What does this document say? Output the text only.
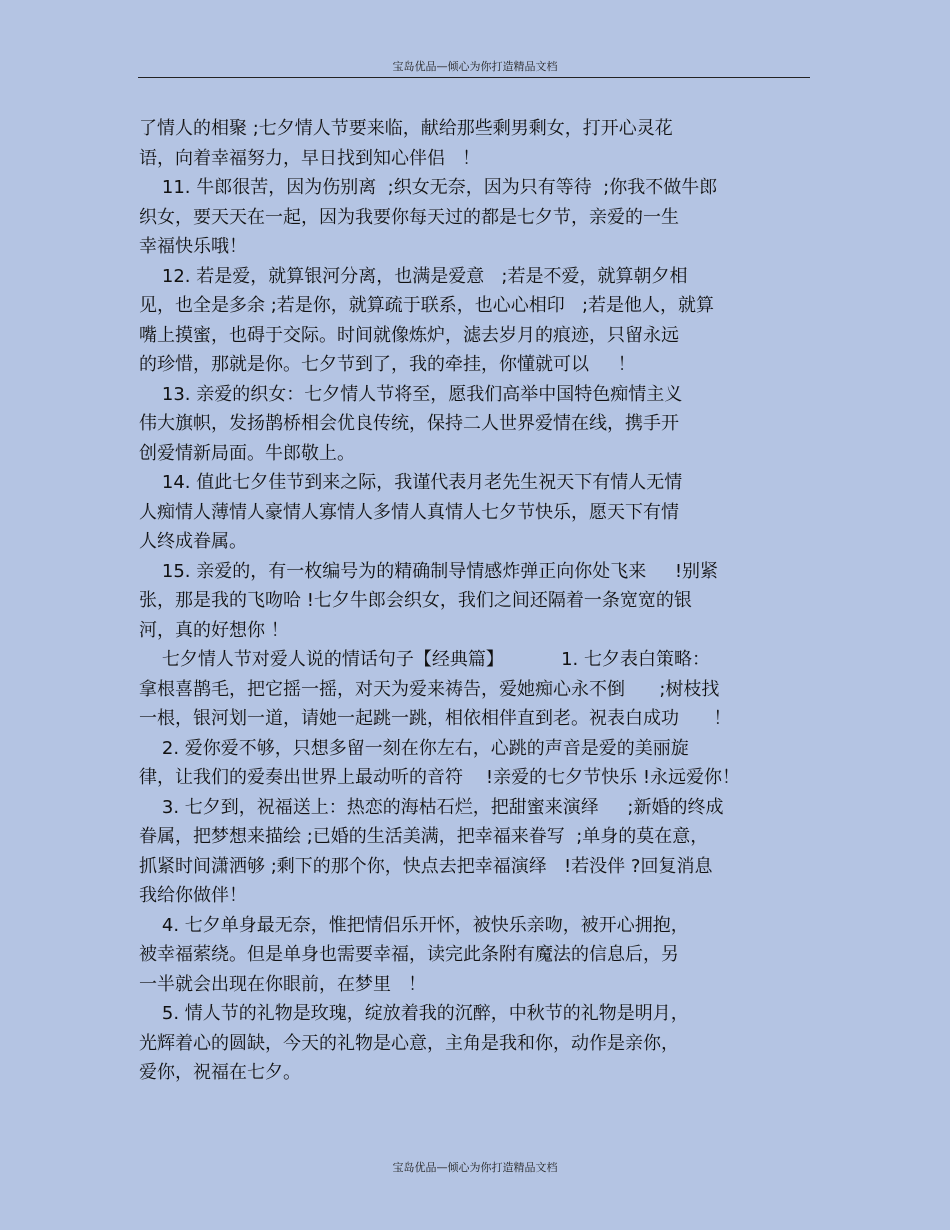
宝岛优品—倾心为你打造精品文档
了情人的相聚 ;七夕情人节要来临，献给那些剩男剩女，打开心灵花
语，向着幸福努力，早日找到知心伴侣   ！
11. 牛郎很苦，因为伤别离  ;织女无奈，因为只有等待  ;你我不做牛郎
织女，要天天在一起，因为我要你每天过的都是七夕节，亲爱的一生
幸福快乐哦！
12. 若是爱，就算银河分离，也满是爱意   ;若是不爱，就算朝夕相
见，也全是多余 ;若是你，就算疏于联系，也心心相印   ;若是他人，就算
嘴上摸蜜，也碍于交际。时间就像炼炉，滤去岁月的痕迹，只留永远
的珍惜，那就是你。七夕节到了，我的牵挂，你懂就可以     ！
13. 亲爱的织女：七夕情人节将至，愿我们高举中国特色痴情主义
伟大旗帜，发扬鹊桥相会优良传统，保持二人世界爱情在线，携手开
创爱情新局面。牛郎敬上。
14. 值此七夕佳节到来之际，我谨代表月老先生祝天下有情人无情
人痴情人薄情人豪情人寡情人多情人真情人七夕节快乐，愿天下有情
人终成眷属。
15. 亲爱的，有一枚编号为的精确制导情感炸弹正向你处飞来     !别紧
张，那是我的飞吻哈 !七夕牛郎会织女，我们之间还隔着一条宽宽的银
河，真的好想你 ！
七夕情人节对爱人说的情话句子【经典篇】          1. 七夕表白策略：
拿根喜鹊毛，把它摇一摇，对天为爱来祷告，爱她痴心永不倒      ;树枝找
一根，银河划一道，请她一起跳一跳，相依相伴直到老。祝表白成功      ！
2. 爱你爱不够，只想多留一刻在你左右，心跳的声音是爱的美丽旋
律，让我们的爱奏出世界上最动听的音符    !亲爱的七夕节快乐 !永远爱你！
3. 七夕到，祝福送上：热恋的海枯石烂，把甜蜜来演绎     ;新婚的终成
眷属，把梦想来描绘 ;已婚的生活美满，把幸福来眷写  ;单身的莫在意，
抓紧时间潇洒够 ;剩下的那个你，快点去把幸福演绎   !若没伴 ?回复消息
我给你做伴！
4. 七夕单身最无奈，惟把情侣乐开怀，被快乐亲吻，被开心拥抱，
被幸福萦绕。但是单身也需要幸福，读完此条附有魔法的信息后，另
一半就会出现在你眼前，在梦里   ！
5. 情人节的礼物是玫瑰，绽放着我的沉醉，中秋节的礼物是明月，
光辉着心的圆缺，今天的礼物是心意，主角是我和你，动作是亲你，
爱你，祝福在七夕。
宝岛优品—倾心为你打造精品文档
